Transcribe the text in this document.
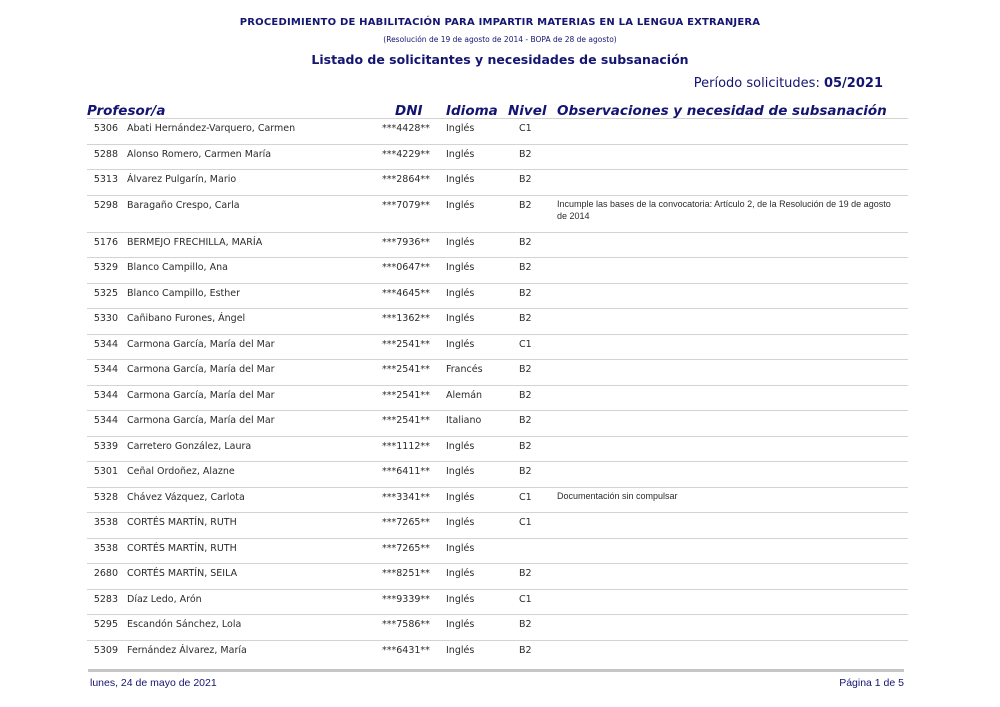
PROCEDIMIENTO DE HABILITACIÓN PARA IMPARTIR MATERIAS EN LA LENGUA EXTRANJERA
(Resolución de 19 de agosto de 2014 - BOPA de 28 de agosto)
Listado de solicitantes y necesidades de subsanación
Período solicitudes: 05/2021
Profesor/a	DNI Idioma Nivel Observaciones y necesidad de subsanación
5306 Abati Hernández-Varquero, Carmen	***4428** Inglés	C1
5288 Alonso Romero, Carmen María	***4229** Inglés	B2
5313 Álvarez Pulgarín, Mario	***2864** Inglés	B2
5298 Baragaño Crespo, Carla	***7079** Inglés	B2	Incumple las bases de la convocatoria: Artículo 2, de la Resolución de 19 de agosto de 2014
5176 BERMEJO FRECHILLA, MARÍA	***7936** Inglés	B2
5329 Blanco Campillo, Ana	***0647** Inglés	B2
5325 Blanco Campillo, Esther	***4645** Inglés	B2
5330 Cañibano Furones, Ángel	***1362** Inglés	B2
5344 Carmona García, María del Mar	***2541** Inglés	C1
5344 Carmona García, María del Mar	***2541** Francés	B2
5344 Carmona García, María del Mar	***2541** Alemán	B2
5344 Carmona García, María del Mar	***2541** Italiano	B2
5339 Carretero González, Laura	***1112** Inglés	B2
5301 Ceñal Ordoñez, Alazne	***6411** Inglés	B2
5328 Chávez Vázquez, Carlota	***3341** Inglés	C1	Documentación sin compulsar
3538 CORTÉS MARTÍN, RUTH	***7265** Inglés	C1
3538 CORTÉS MARTÍN, RUTH	***7265** Inglés
2680 CORTÉS MARTÍN, SEILA	***8251** Inglés	B2
5283 Díaz Ledo, Arón	***9339** Inglés	C1
5295 Escandón Sánchez, Lola	***7586** Inglés	B2
5309 Fernández Álvarez, María	***6431** Inglés	B2
lunes, 24 de mayo de 2021	Página 1 de 5
